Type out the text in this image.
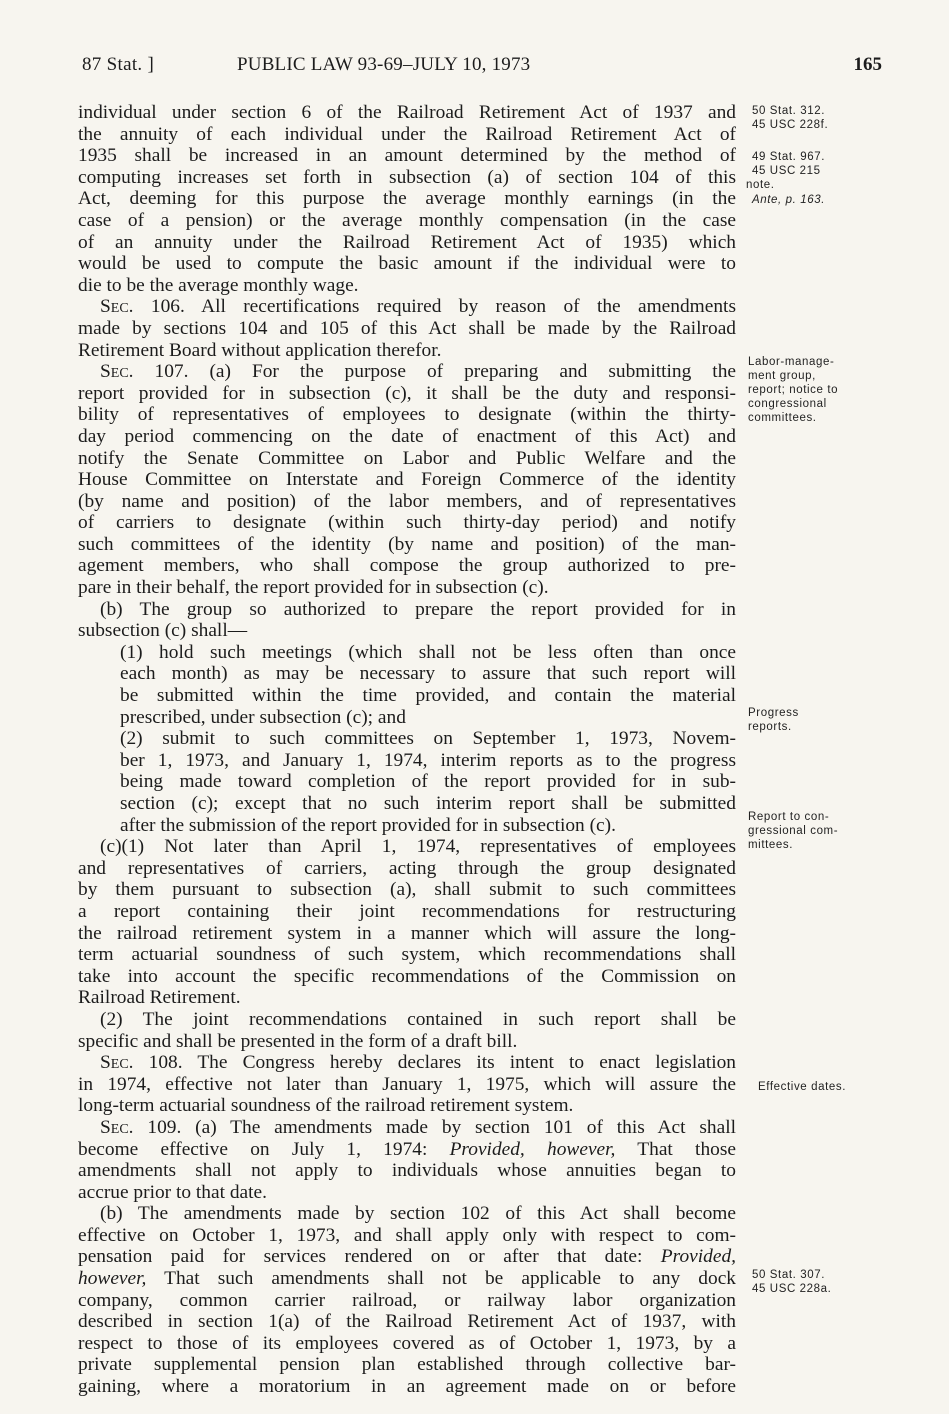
87 Stat. ]	PUBLIC LAW 93-69–JULY 10, 1973	165
individual under section 6 of the Railroad Retirement Act of 1937 and
the annuity of each individual under the Railroad Retirement Act of
1935 shall be increased in an amount determined by the method of
computing increases set forth in subsection (a) of section 104 of this
Act, deeming for this purpose the average monthly earnings (in the
case of a pension) or the average monthly compensation (in the case
of an annuity under the Railroad Retirement Act of 1935) which
would be used to compute the basic amount if the individual were to
die to be the average monthly wage.
Sec. 106. All recertifications required by reason of the amendments
made by sections 104 and 105 of this Act shall be made by the Railroad
Retirement Board without application therefor.
Sec. 107. (a) For the purpose of preparing and submitting the
report provided for in subsection (c), it shall be the duty and responsi-
bility of representatives of employees to designate (within the thirty-
day period commencing on the date of enactment of this Act) and
notify the Senate Committee on Labor and Public Welfare and the
House Committee on Interstate and Foreign Commerce of the identity
(by name and position) of the labor members, and of representatives
of carriers to designate (within such thirty-day period) and notify
such committees of the identity (by name and position) of the man-
agement members, who shall compose the group authorized to pre-
pare in their behalf, the report provided for in subsection (c).
(b) The group so authorized to prepare the report provided for in
subsection (c) shall—
(1) hold such meetings (which shall not be less often than once
each month) as may be necessary to assure that such report will
be submitted within the time provided, and contain the material
prescribed, under subsection (c); and
(2) submit to such committees on September 1, 1973, Novem-
ber 1, 1973, and January 1, 1974, interim reports as to the progress
being made toward completion of the report provided for in sub-
section (c); except that no such interim report shall be submitted
after the submission of the report provided for in subsection (c).
(c)(1) Not later than April 1, 1974, representatives of employees
and representatives of carriers, acting through the group designated
by them pursuant to subsection (a), shall submit to such committees
a report containing their joint recommendations for restructuring
the railroad retirement system in a manner which will assure the long-
term actuarial soundness of such system, which recommendations shall
take into account the specific recommendations of the Commission on
Railroad Retirement.
(2) The joint recommendations contained in such report shall be
specific and shall be presented in the form of a draft bill.
Sec. 108. The Congress hereby declares its intent to enact legislation
in 1974, effective not later than January 1, 1975, which will assure the
long-term actuarial soundness of the railroad retirement system.
Sec. 109. (a) The amendments made by section 101 of this Act shall
become effective on July 1, 1974: Provided, however, That those
amendments shall not apply to individuals whose annuities began to
accrue prior to that date.
(b) The amendments made by section 102 of this Act shall become
effective on October 1, 1973, and shall apply only with respect to com-
pensation paid for services rendered on or after that date: Provided,
however, That such amendments shall not be applicable to any dock
company, common carrier railroad, or railway labor organization
described in section 1(a) of the Railroad Retirement Act of 1937, with
respect to those of its employees covered as of October 1, 1973, by a
private supplemental pension plan established through collective bar-
gaining, where a moratorium in an agreement made on or before
50 Stat. 312.
45 USC 228f.
49 Stat. 967.
45 USC 215
note.
Ante, p. 163.
Labor-manage-
ment group,
report; notice to
congressional
committees.
Progress
reports.
Report to con-
gressional com-
mittees.
Effective dates.
50 Stat. 307.
45 USC 228a.
